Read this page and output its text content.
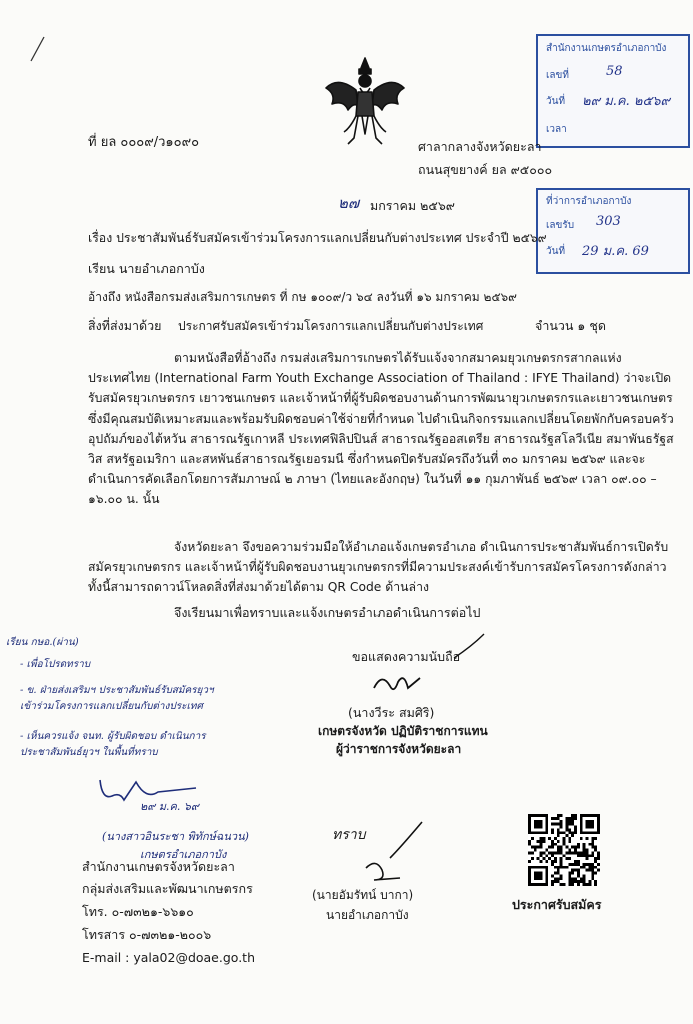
สำนักงานเกษตรอำเภอกาบัง
เลขที่	58
วันที่ ๒๙ ม.ค. ๒๕๖๙
เวลา
ที่ว่าการอำเภอกาบัง
เลขรับ 303
วันที่ 29 ม.ค. 69
ที่ ยล ๐๐๐๙/ว๑๐๙๐	ศาลากลางจังหวัดยะลา
ถนนสุขยางค์ ยล ๙๕๐๐๐
๒๗ มกราคม ๒๕๖๙
เรื่อง ประชาสัมพันธ์รับสมัครเข้าร่วมโครงการแลกเปลี่ยนกับต่างประเทศ ประจำปี ๒๕๖๙
เรียน นายอำเภอกาบัง
อ้างถึง หนังสือกรมส่งเสริมการเกษตร ที่ กษ ๑๐๐๙/ว ๖๔ ลงวันที่ ๑๖ มกราคม ๒๕๖๙
สิ่งที่ส่งมาด้วย ประกาศรับสมัครเข้าร่วมโครงการแลกเปลี่ยนกับต่างประเทศ	จำนวน ๑ ชุด
ตามหนังสือที่อ้างถึง กรมส่งเสริมการเกษตรได้รับแจ้งจากสมาคมยุวเกษตรกรสากลแห่งประเทศไทย (International Farm Youth Exchange Association of Thailand : IFYE Thailand) ว่าจะเปิดรับสมัครยุวเกษตรกร เยาวชนเกษตร และเจ้าหน้าที่ผู้รับผิดชอบงานด้านการพัฒนายุวเกษตรกรและเยาวชนเกษตร ซึ่งมีคุณสมบัติเหมาะสมและพร้อมรับผิดชอบค่าใช้จ่ายที่กำหนด ไปดำเนินกิจกรรมแลกเปลี่ยนโดยพักกับครอบครัวอุปถัมภ์ของไต้หวัน สาธารณรัฐเกาหลี ประเทศฟิลิปปินส์ สาธารณรัฐออสเตรีย สาธารณรัฐสโลวีเนีย สมาพันธรัฐสวิส สหรัฐอเมริกา และสหพันธ์สาธารณรัฐเยอรมนี ซึ่งกำหนดปิดรับสมัครถึงวันที่ ๓๐ มกราคม ๒๕๖๙ และจะดำเนินการคัดเลือกโดยการสัมภาษณ์ ๒ ภาษา (ไทยและอังกฤษ) ในวันที่ ๑๑ กุมภาพันธ์ ๒๕๖๙ เวลา ๐๙.๐๐ – ๑๖.๐๐ น. นั้น
จังหวัดยะลา จึงขอความร่วมมือให้อำเภอแจ้งเกษตรอำเภอ ดำเนินการประชาสัมพันธ์การเปิดรับสมัครยุวเกษตรกร และเจ้าหน้าที่ผู้รับผิดชอบงานยุวเกษตรกรที่มีความประสงค์เข้ารับการสมัครโครงการดังกล่าว ทั้งนี้สามารถดาวน์โหลดสิ่งที่ส่งมาด้วยได้ตาม QR Code ด้านล่าง
จึงเรียนมาเพื่อทราบและแจ้งเกษตรอำเภอดำเนินการต่อไป
ขอแสดงความนับถือ
(นางวีระ สมศิริ)
เกษตรจังหวัด ปฏิบัติราชการแทน
ผู้ว่าราชการจังหวัดยะลา
เรียน กษอ.(ผ่าน)
- เพื่อโปรดทราบ
- ข. ฝ่ายส่งเสริมฯ ประชาสัมพันธ์รับสมัครยุวฯ
เข้าร่วมโครงการแลกเปลี่ยนกับต่างประเทศ
- เห็นควรแจ้ง จนท. ผู้รับผิดชอบ ดำเนินการ
ประชาสัมพันธ์ยุวฯ ในพื้นที่ทราบ
๒๙ ม.ค. ๖๙
(นางสาวอินระชา พิทักษ์ฉนวน)
เกษตรอำเภอกาบัง
ทราบ
(นายอัมรัทน์ บากา)
นายอำเภอกาบัง
สำนักงานเกษตรจังหวัดยะลา
กลุ่มส่งเสริมและพัฒนาเกษตรกร
โทร. ๐-๗๓๒๑-๖๖๑๐
โทรสาร ๐-๗๓๒๑-๒๐๐๖
E-mail : yala02@doae.go.th
ประกาศรับสมัคร
